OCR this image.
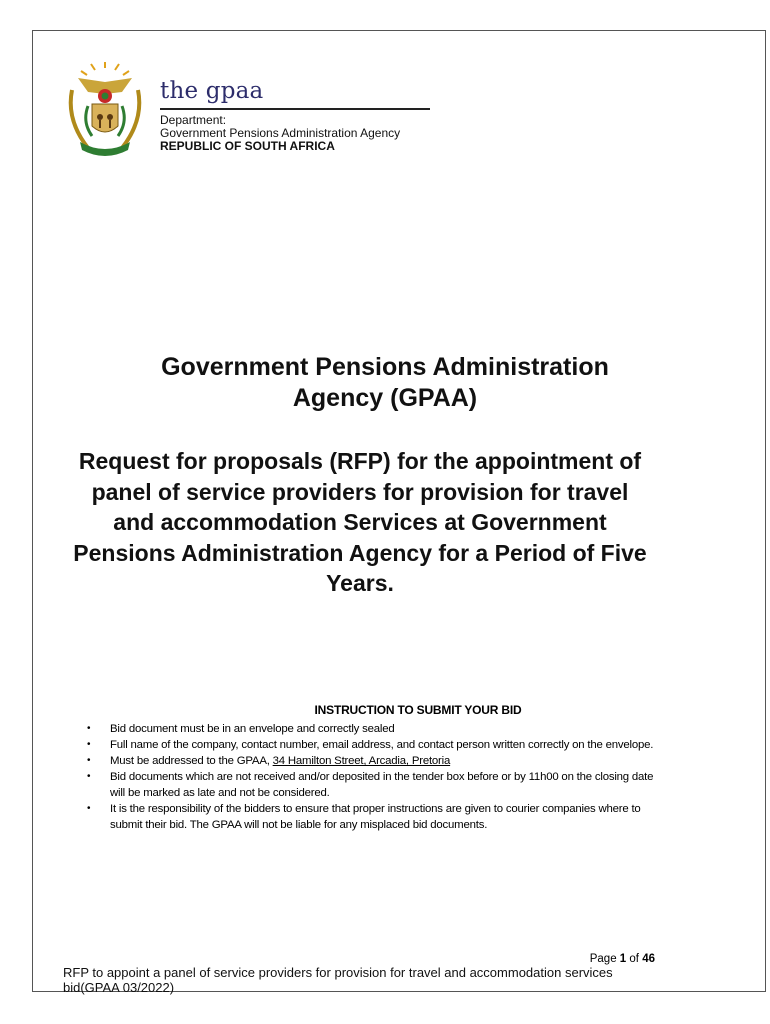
the gpaa
Department:
Government Pensions Administration Agency
REPUBLIC OF SOUTH AFRICA
Government Pensions Administration
Agency (GPAA)
Request for proposals (RFP) for the appointment of panel of service providers for provision for travel and accommodation Services at Government Pensions Administration Agency for a Period of Five Years.
INSTRUCTION TO SUBMIT YOUR BID
• Bid document must be in an envelope and correctly sealed
• Full name of the company, contact number, email address, and contact person written correctly on the envelope.
• Must be addressed to the GPAA, 34 Hamilton Street, Arcadia, Pretoria
• Bid documents which are not received and/or deposited in the tender box before or by 11h00 on the closing date will be marked as late and not be considered.
• It is the responsibility of the bidders to ensure that proper instructions are given to courier companies where to submit their bid. The GPAA will not be liable for any misplaced bid documents.
Page 1 of 46
RFP to appoint a panel of service providers for provision for travel and accommodation services bid(GPAA 03/2022)
